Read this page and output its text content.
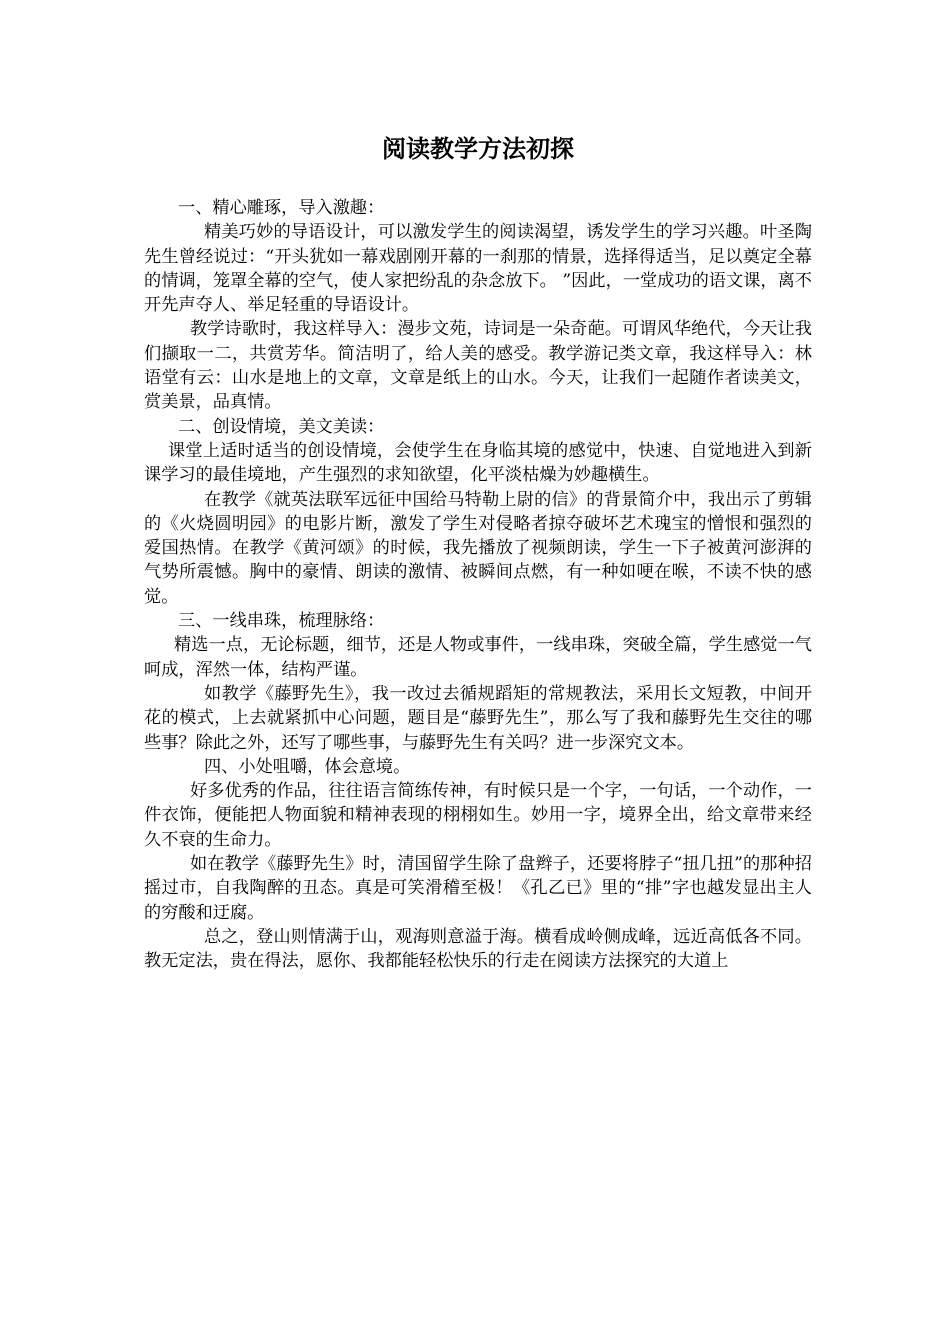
阅读教学方法初探

一、精心雕琢，导入激趣：

精美巧妙的导语设计，可以激发学生的阅读渴望，诱发学生的学习兴趣。叶圣陶先生曾经说过：“开头犹如一幕戏剧刚开幕的一刹那的情景，选择得适当，足以奠定全幕的情调，笼罩全幕的空气，使人家把纷乱的杂念放下。 ”因此，一堂成功的语文课，离不开先声夺人、举足轻重的导语设计。

教学诗歌时，我这样导入：漫步文苑，诗词是一朵奇葩。可谓风华绝代，今天让我们撷取一二，共赏芳华。简洁明了，给人美的感受。教学游记类文章，我这样导入：林语堂有云：山水是地上的文章，文章是纸上的山水。今天，让我们一起随作者读美文，赏美景，品真情。

二、创设情境，美文美读：

课堂上适时适当的创设情境，会使学生在身临其境的感觉中，快速、自觉地进入到新课学习的最佳境地，产生强烈的求知欲望，化平淡枯燥为妙趣横生。

在教学《就英法联军远征中国给马特勒上尉的信》的背景简介中，我出示了剪辑的《火烧圆明园》的电影片断，激发了学生对侵略者掠夺破坏艺术瑰宝的憎恨和强烈的爱国热情。在教学《黄河颂》的时候，我先播放了视频朗读，学生一下子被黄河澎湃的气势所震憾。胸中的豪情、朗读的激情、被瞬间点燃，有一种如哽在喉，不读不快的感觉。

三、一线串珠，梳理脉络：

精选一点，无论标题，细节，还是人物或事件，一线串珠，突破全篇，学生感觉一气呵成，浑然一体，结构严谨。

如教学《藤野先生》，我一改过去循规蹈矩的常规教法，采用长文短教，中间开花的模式，上去就紧抓中心问题，题目是“藤野先生”，那么写了我和藤野先生交往的哪些事？除此之外，还写了哪些事，与藤野先生有关吗？进一步深究文本。

四、小处咀嚼，体会意境。

好多优秀的作品，往往语言简练传神，有时候只是一个字，一句话，一个动作，一件衣饰，便能把人物面貌和精神表现的栩栩如生。妙用一字，境界全出，给文章带来经久不衰的生命力。

如在教学《藤野先生》时，清国留学生除了盘辫子，还要将脖子“扭几扭”的那种招摇过市，自我陶醉的丑态。真是可笑滑稽至极！《孔乙已》里的“排”字也越发显出主人的穷酸和迂腐。

总之，登山则情满于山，观海则意溢于海。横看成岭侧成峰，远近高低各不同。教无定法，贵在得法，愿你、我都能轻松快乐的行走在阅读方法探究的大道上
